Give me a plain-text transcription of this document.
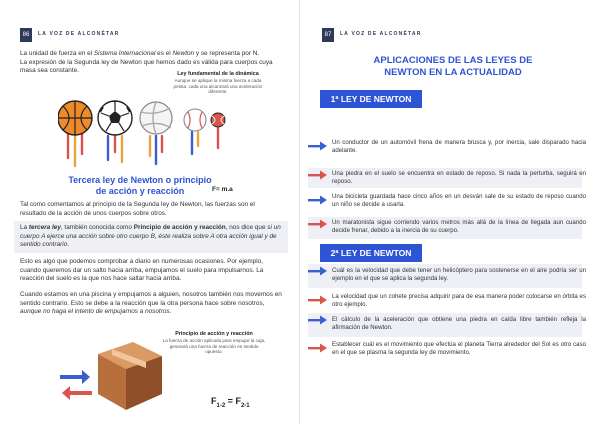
86	LA VOZ DE ALCONÉTAR

La unidad de fuerza en el Sistema Internacional es el Newton y se representa por N.

La expresión de la Segunda ley de Newton que hemos dado es válida para cuerpos cuya masa sea constante.	Ley fundamental de la dinámica
Aunque se aplique la misma fuerza a cada pelota, cada una alcanzará una aceleración diferente.
F= m.a
Tercera ley de Newton o principio
de acción y reacción
Tal como comentamos al principio de la Segunda ley de Newton, las fuerzas son el resultado de la acción de unos cuerpos sobre otros.
La tercera ley, también conocida como Principio de acción y reacción, nos dice que si un cuerpo A ejerce una acción sobre otro cuerpo B, éste realiza sobre A otra acción igual y de sentido contrario.
Esto es algo que podemos comprobar a diario en numerosas ocasiones. Por ejemplo, cuando queremos dar un salto hacia arriba, empujamos el suelo para impulsarnos. La reacción del suelo es la que nos hace saltar hacia arriba.
Cuando estamos en una piscina y empujamos a alguien, nosotros también nos movemos en sentido contrario. Esto se debe a la reacción que la otra persona hace sobre nosotros, aunque no haga el intento de empujarnos a nosotros.
Principio de acción y reacción
La fuerza de acción aplicada para empujar la caja, generará una fuerza de reacción en sentido opuesto.
$F_{1-2} = F_{2-1}$
87	LA VOZ DE ALCONÉTAR
APLICACIONES DE LAS LEYES DE
NEWTON EN LA ACTUALIDAD
1ª LEY DE NEWTON
Un conductor de un automóvil frena de manera brusca y, por inercia, sale disparado hacia adelante.
Una piedra en el suelo se encuentra en estado de reposo. Si nada la perturba, seguirá en reposo.
Una bicicleta guardada hace cinco años en un desván sale de su estado de reposo cuando un niño se decide a usarla.
Un maratonista sigue corriendo varios metros más allá de la línea de llegada aun cuando decide frenar, debido a la inercia de su cuerpo.
2ª LEY DE NEWTON
Cuál es la velocidad que debe tener un helicóptero para sostenerse en el aire podría ser un ejemplo en el que se aplica la segunda ley.
La velocidad que un cohete precisa adquirir para de esa manera poder colocarse en órbita es otro ejemplo.
El cálculo de la aceleración que obtiene una piedra en caída libre también refleja la afirmación de Newton.
Establecer cuál es el movimiento que efectúa el planeta Tierra alrededor del Sol es otro caso en el que se plasma la segunda ley de movimiento.
